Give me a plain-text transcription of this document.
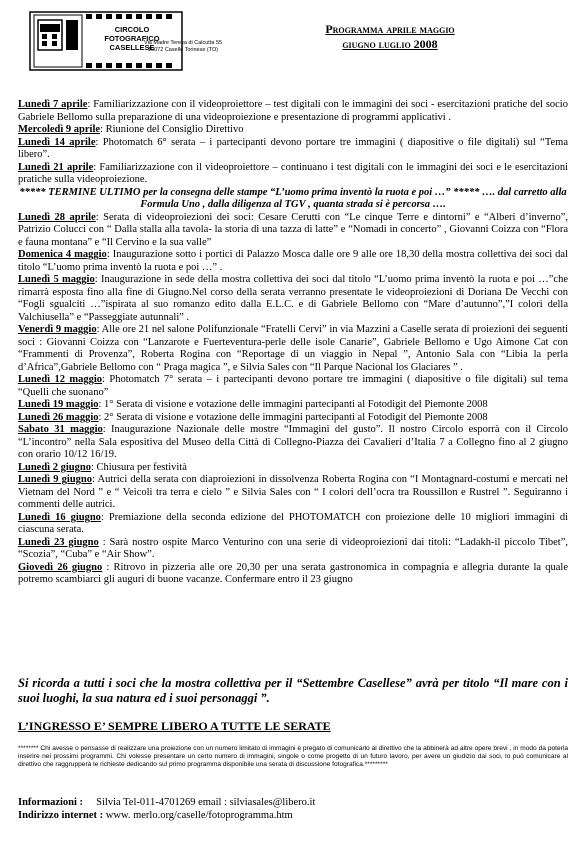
CIRCOLO
FOTOGRAFICO
CASELLESE
Via Madre Teresa di Calcutta 55
10072 Caselle Torinese (TO)
Programma aprile maggio
giugno luglio 2008

Lunedì 7 aprile: Familiarizzazione con il videoproiettore – test digitali con le immagini dei soci - esercitazioni pratiche del socio Gabriele Bellomo sulla preparazione di una videoproiezione e presentazione di programmi applicativi .

Mercoledì 9 aprile: Riunione del Consiglio Direttivo

Lunedì 14 aprile: Photomatch 6° serata – i partecipanti devono portare tre immagini ( diapositive o file digitali) sul “Tema libero”.

Lunedì 21 aprile: Familiarizzazione con il videoproiettore – continuano i test digitali con le immagini dei soci e le esercitazioni pratiche sulla videoproiezione.

***** TERMINE ULTIMO per la consegna delle stampe “L’uomo prima inventò la ruota e poi …” ***** …. dal carretto alla Formula Uno , dalla diligenza al TGV , quanta strada si è percorsa ….

Lunedì 28 aprile: Serata di videoproiezioni dei soci: Cesare Cerutti con “Le cinque Terre e dintorni” e “Alberi d’inverno”, Patrizio Colucci con “ Dalla stalla alla tavola- la storia di una tazza di latte” e “Nomadi in concerto” , Giovanni Coizza con “Flora e fauna montana” e “Il Cervino e la sua valle”

Domenica 4 maggio: Inaugurazione sotto i portici di Palazzo Mosca dalle ore 9 alle ore 18,30 della mostra collettiva dei soci dal titolo “L’uomo prima inventò la ruota e poi …” .

Lunedì 5 maggio: Inaugurazione in sede della mostra collettiva dei soci dal titolo “L’uomo prima inventò la ruota e poi …”che rimarrà esposta fino alla fine di Giugno.Nel corso della serata verranno presentate le videoproiezioni di Doriana De Vecchi con “Fogli sgualciti …”ispirata al suo romanzo edito dalla E.L.C. e di Gabriele Bellomo con “Mare d’autunno”,”I colori della Valchiusella” e “Passeggiate autunnali” .

Venerdì 9 maggio: Alle ore 21 nel salone Polifunzionale “Fratelli Cervi” in via Mazzini a Caselle serata di proiezioni dei seguenti soci : Giovanni Coizza con “Lanzarote e Fuerteventura-perle delle isole Canarie”, Gabriele Bellomo e Ugo Aimone Cat con “Frammenti di Provenza”, Roberta Rogina con “Reportage di un viaggio in Nepal ”, Antonio Sala con “Libia la perla d’Africa”,Gabriele Bellomo con “ Praga magica ”, e Silvia Sales con “Il Parque Nacional los Glaciares ” .

Lunedì 12 maggio: Photomatch 7° serata – i partecipanti devono portare tre immagini ( diapositive o file digitali) sul tema “Quelli che suonano”

Lunedì 19 maggio: 1° Serata di visione e votazione delle immagini partecipanti al Fotodigit del Piemonte 2008

Lunedì 26 maggio: 2° Serata di visione e votazione delle immagini partecipanti al Fotodigit del Piemonte 2008

Sabato 31 maggio: Inaugurazione Nazionale delle mostre “Immagini del gusto”. Il nostro Circolo esporrà con il Circolo “L’incontro” nella Sala espositiva del Museo della Città di Collegno-Piazza dei Cavalieri d’Italia 7 a Collegno fino al 2 giugno con orario 10/12 16/19.

Lunedì 2 giugno: Chiusura per festività

Lunedì 9 giugno: Autrici della serata con diaproiezioni in dissolvenza Roberta Rogina con “I Montagnard-costumi e mercati nel Vietnam del Nord ” e “ Veicoli tra terra e cielo ” e Silvia Sales con “ I colori dell’ocra tra Roussillon e Rustrel ”. Seguiranno i commenti delle autrici.

Lunedì 16 giugno: Premiazione della seconda edizione del PHOTOMATCH con proiezione delle 10 migliori immagini di ciascuna serata.

Lunedì 23 giugno : Sarà nostro ospite Marco Venturino con una serie di videoproiezioni dai titoli: “Ladakh-il piccolo Tibet”, “Scozia”, “Cuba” e “Air Show”.

Giovedì 26 giugno : Ritrovo in pizzeria alle ore 20,30 per una serata gastronomica in compagnia e allegria durante la quale potremo scambiarci gli auguri di buone vacanze. Confermare entro il 23 giugno

Si ricorda a tutti i soci che la mostra collettiva per il “Settembre Casellese” avrà per titolo “Il mare con i suoi luoghi, la sua natura ed i suoi personaggi ”.
L’INGRESSO E’ SEMPRE LIBERO A TUTTE LE SERATE
******** Chi avesse o pensasse di realizzare una proiezione con un numero limitato di immagini è pregato di comunicarlo al direttivo che la abbinerà ad altre opere brevi , in modo da poterla inserire nei prossimi programmi. Chi volesse presentare un certo numero di immagini, singole o come progetto di un futuro lavoro, per avere un giudizio dai soci, lo può comunicare al direttivo che raggrupperà le richieste dedicando sul primo programma disponibile una serata di discussione fotografica.*********
Informazioni : Silvia Tel-011-4701269 email : silviasales@libero.it
Indirizzo internet : www. merlo.org/caselle/fotoprogramma.htm
